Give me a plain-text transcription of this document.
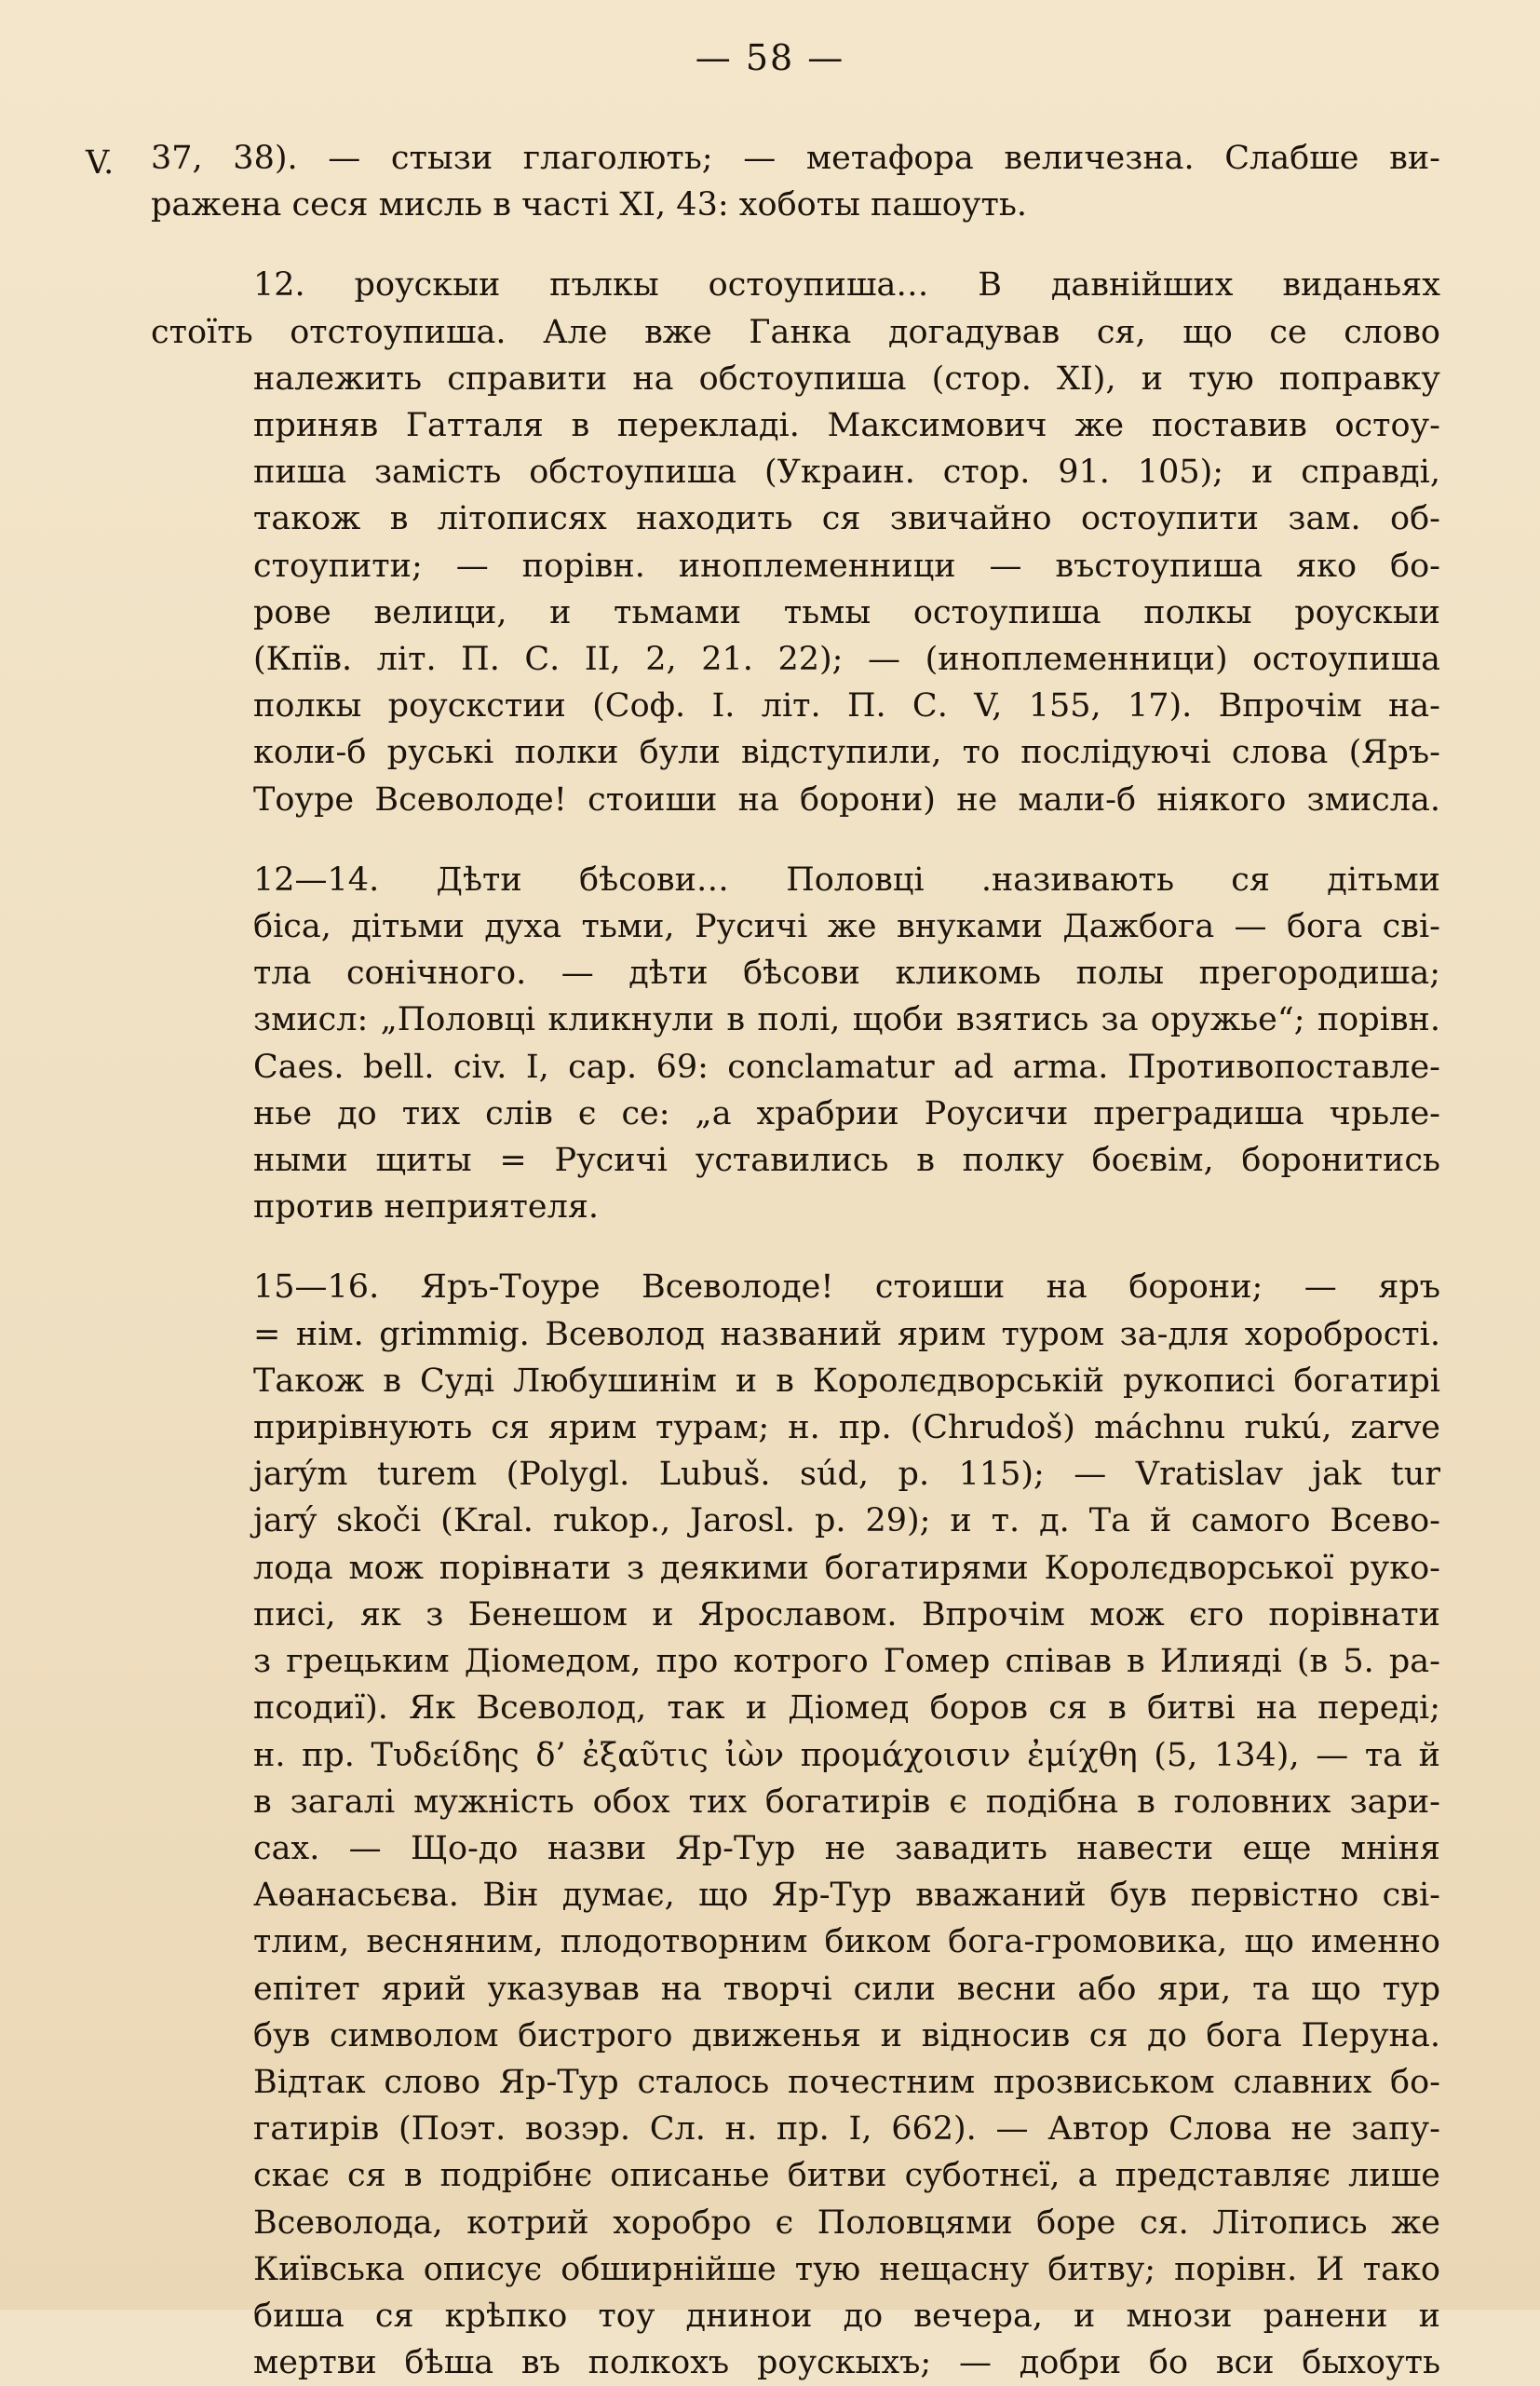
— 58 —
V. 37, 38). — стызи глаголють; — метафора величезна. Слабше ви-
ражена сеся мисль в часті XI, 43: хоботы пашоуть.

12. роускыи пълкы остоупиша… В давнійших виданьях
стоїть отстоупиша. Але вже Ганка догадував ся, що се слово
належить справити на обстоупиша (стор. XI), и тую поправку
приняв Гатталя в перекладі. Максимович же поставив остоу-
пиша замість обстоупиша (Украин. стор. 91. 105); и справді,
також в літописях находить ся звичайно остоупити зам. об-
стоупити; — порівн. иноплеменници — въстоупиша яко бо-
рове велици, и тьмами тьмы остоупиша полкы роускыи
(Кпїв. літ. П. С. II, 2, 21. 22); — (иноплеменници) остоупиша
полкы роускстии (Соф. I. літ. П. С. V, 155, 17). Впрочім на-
коли-б руські полки були відступили, то послідуючі слова (Яръ-
Тоуре Всеволоде! стоиши на борони) не мали-б ніякого змисла.

12—14. Дѣти бѣсови… Половці .називають ся дітьми
біса, дітьми духа тьми, Русичі же внуками Дажбога — бога сві-
тла сонічного. — дѣти бѣсови кликомь полы прегородиша;
змисл: „Половці кликнули в полі, щоби взятись за оружье“; порівн.
Caes. bell. civ. I, cap. 69: conclamatur ad arma. Противопоставле-
нье до тих слів є се: „а храбрии Роусичи преградиша чрьле-
ными щиты = Русичі уставились в полку боєвім, боронитись
против неприятеля.

15—16. Яръ-Тоуре Всеволоде! стоиши на борони; — яръ
= нім. grimmig. Всеволод названий ярим туром за-для хоробрості.
Також в Суді Любушинім и в Королєдворській рукописі богатирі
прирівнують ся ярим турам; н. пр. (Chrudoš) máchnu rukú, zarve
jarým turem (Polygl. Lubuš. súd, p. 115); — Vratislav jak tur
jarý skoči (Kral. rukop., Jarosl. p. 29); и т. д. Та й самого Всево-
лода мож порівнати з деякими богатирями Королєдворської руко-
писі, як з Бенешом и Ярославом. Впрочім мож єго порівнати
з грецьким Діомедом, про котрого Гомер співав в Илияді (в 5. ра-
псодиї). Як Всеволод, так и Діомед боров ся в битві на переді;
н. пр. Τυδείδης δ’ ἐξαῦτις ἰὼν προμάχοισιν ἐμίχθη (5, 134), — та й
в загалі мужність обох тих богатирів є подібна в головних зари-
сах. — Що-до назви Яр-Тур не завадить навести еще мніня
Аѳанасьєва. Він думає, що Яр-Тур вважаний був первістно сві-
тлим, весняним, плодотворним биком бога-громовика, що именно
епітет ярий указував на творчі сили весни або яри, та що тур
був символом бистрого движенья и відносив ся до бога Перуна.
Відтак слово Яр-Тур сталось почестним прозвиськом славних бо-
гатирів (Поэт. возэр. Сл. н. пр. I, 662). — Автор Слова не запу-
скає ся в подрібнє описанье битви суботнєї, а представляє лише
Всеволода, котрий хоробро є Половцями боре ся. Літопись же
Київська описує обширнійше тую нещасну битву; порівн. И тако
биша ся крѣпко тоу днинои до вечера, и мнози ранени и
мертви бѣша въ полкохъ роускыхъ; — добри бо вси быхоуть
